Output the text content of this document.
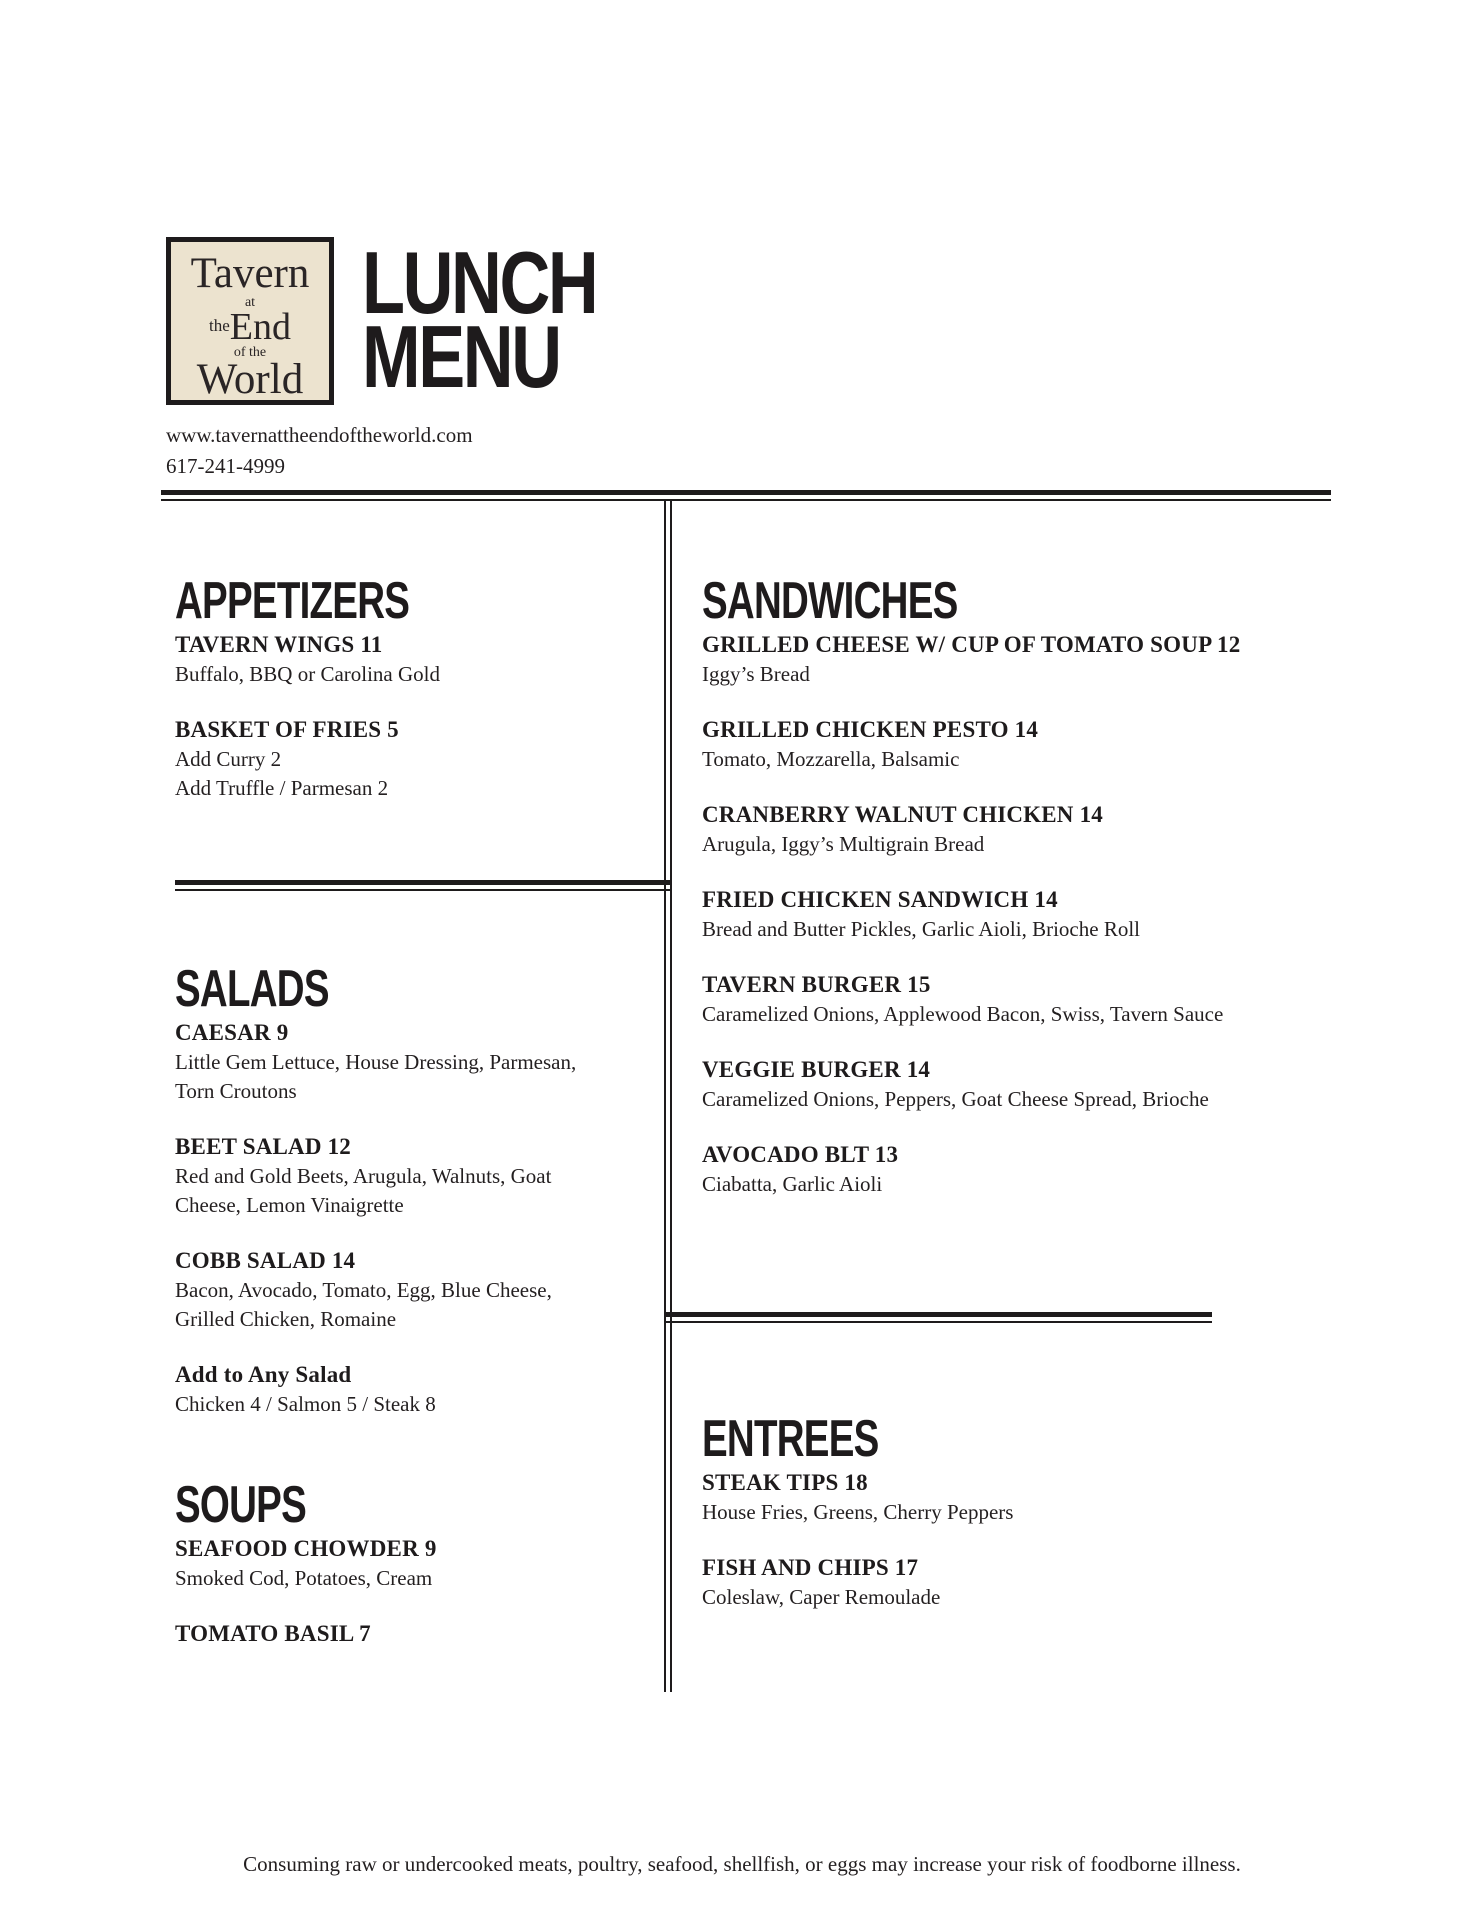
Tavern
at
$^{the}$End
of the
World
LUNCH
MENU
www.tavernattheendoftheworld.com
617-241-4999
APPETIZERS
TAVERN WINGS 11
Buffalo, BBQ or Carolina Gold
BASKET OF FRIES 5
Add Curry 2
Add Truffle / Parmesan 2
SALADS
CAESAR 9
Little Gem Lettuce, House Dressing, Parmesan,
Torn Croutons
BEET SALAD 12
Red and Gold Beets, Arugula, Walnuts, Goat
Cheese, Lemon Vinaigrette
COBB SALAD 14
Bacon, Avocado, Tomato, Egg, Blue Cheese,
Grilled Chicken, Romaine
Add to Any Salad
Chicken 4 / Salmon 5 / Steak 8
SOUPS
SEAFOOD CHOWDER 9
Smoked Cod, Potatoes, Cream
TOMATO BASIL 7
SANDWICHES
GRILLED CHEESE W/ CUP OF TOMATO SOUP 12
Iggy’s Bread
GRILLED CHICKEN PESTO 14
Tomato, Mozzarella, Balsamic
CRANBERRY WALNUT CHICKEN 14
Arugula, Iggy’s Multigrain Bread
FRIED CHICKEN SANDWICH 14
Bread and Butter Pickles, Garlic Aioli, Brioche Roll
TAVERN BURGER 15
Caramelized Onions, Applewood Bacon, Swiss, Tavern Sauce
VEGGIE BURGER 14
Caramelized Onions, Peppers, Goat Cheese Spread, Brioche
AVOCADO BLT 13
Ciabatta, Garlic Aioli
ENTREES
STEAK TIPS 18
House Fries, Greens, Cherry Peppers
FISH AND CHIPS 17
Coleslaw, Caper Remoulade
Consuming raw or undercooked meats, poultry, seafood, shellfish, or eggs may increase your risk of foodborne illness.
